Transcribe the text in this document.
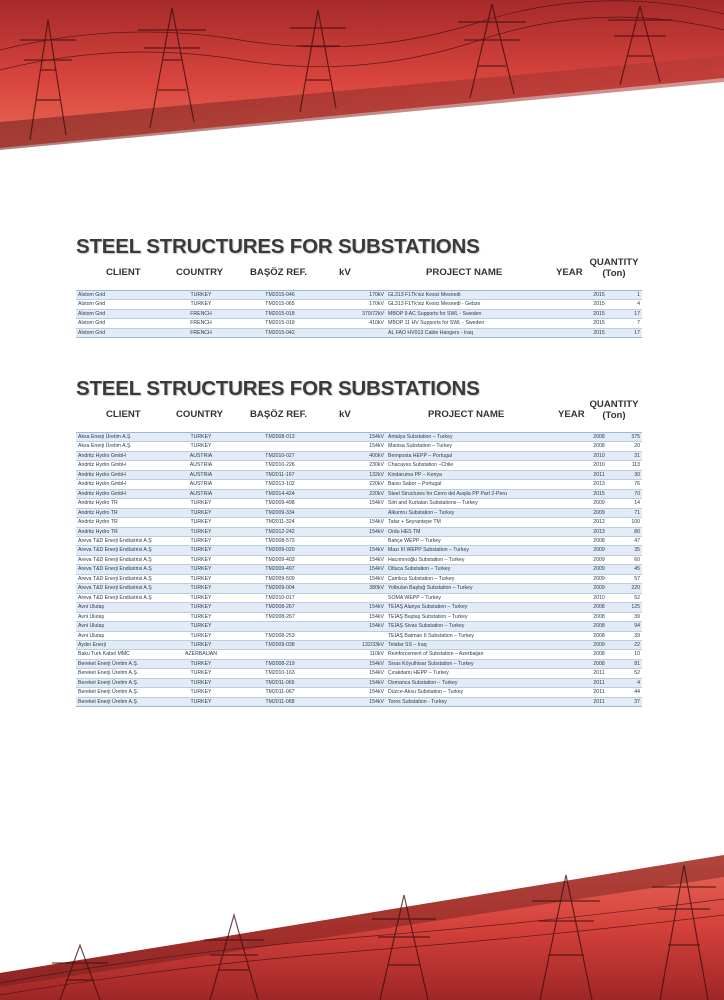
STEEL STRUCTURES FOR SUBSTATIONS
CLIENT	COUNTRY	BAŞÖZ REF.	kV	PROJECT NAME	YEAR
QUANTITY
(Ton)
Alstom Grid	TURKEY	TM2015-046	170kV	GL313 F1Tk'siz Kesici Mesnedi	2015	1
Alstom Grid	TURKEY	TM2015-065	170kV	GL313 F1Tk'siz Kesici Mesnedi - Gebze	2015	4
Alstom Grid	FRENCH	TM2015-018	370/72kV	MBOP 9 AC Supports for SWL - Sweden	2015	17
Alstom Grid	FRENCH	TM2015-019	410kV	MBOP 11 HV Supports for SWL - Sweden	2015	7
Alstom Grid	FRENCH	TM2015-042		AL FAO HV013 Cable Hangers - Iraq	2015	17
STEEL STRUCTURES FOR SUBSTATIONS
CLIENT	COUNTRY	BAŞÖZ REF.	kV	PROJECT NAME	YEAR
QUANTITY
(Ton)
Aksa Enerji Üretim A.Ş	TURKEY	TM2008-013	154kV	Antalya Substation – Turkey	2008	375
Aksa Enerji Üretim A.Ş	TURKEY		154kV	Manisa Substation – Turkey	2008	20
Andritz Hydro GmbH	AUSTRIA	TM2010-027	400kV	Bemposta HEPP – Portugal	2010	31
Andritz Hydro GmbH	AUSTRIA	TM2010-226	230kV	Chacayes Substation –Chile	2010	113
Andritz Hydro GmbH	AUSTRIA	TM2011-167	132kV	Kindaruma PP – Kenya	2011	30
Andritz Hydro GmbH	AUSTRIA	TM2013-102	220kV	Baixo Sabor – Portugal	2013	76
Andritz Hydro GmbH	AUSTRIA	TM2014-424	220kV	Steel Structures for Cerro del Auqila PP Part 2-Peru	2015	70
Andritz Hydro TR	TURKEY	TM2009-498	154kV	Siirt and Kurtalan Substations – Turkey	2009	14
Andritz Hydro TR	TURKEY	TM2009-334		Alkumru Substation – Turkey	2009	71
Andritz Hydro TR	TURKEY	TM2011-324	154kV	Tatar + Seyrantepe TM	2012	100
Andritz Hydro TR	TURKEY	TM2012-242	154kV	Ordu HES TM	2013	80
Areva T&D Enerji Endüstrisi A.Ş	TURKEY	TM2008-573		Bahçe WEPP – Turkey	2008	47
Areva T&D Enerji Endüstrisi A.Ş	TURKEY	TM2009-020	154kV	Mazı III WEPP Substation – Turkey	2009	35
Areva T&D Enerji Endüstrisi A.Ş	TURKEY	TM2009-403	154kV	Hacımınoğlu Substation – Turkey	2009	60
Areva T&D Enerji Endüstrisi A.Ş	TURKEY	TM2009-497	154kV	Otluca Substation – Turkey	2009	45
Areva T&D Enerji Endüstrisi A.Ş	TURKEY	TM2009-509	154kV	Çamlıca Substation – Turkey	2009	57
Areva T&D Enerji Endüstrisi A.Ş	TURKEY	TM2009-004	380kV	Yolbulan Baştuğ Substation – Turkey	2009	220
Areva T&D Enerji Endüstrisi A.Ş	TURKEY	TM2010-017		SOMA WEPP – Turkey	2010	52
Avni Ulutaş	TURKEY	TM2008-267	154kV	TEİAŞ Alanya Substation – Turkey	2008	125
Avni Ulutaş	TURKEY	TM2008-267	154kV	TEİAŞ Baştaş Substation – Turkey	2008	39
Avni Ulutaş	TURKEY		154kV	TEİAŞ Sivas Substation – Turkey	2008	94
Avni Ulutaş	TURKEY	TM2008-253		TEİAŞ Batman II Substation – Turkey	2008	39
Aydın Enerji	TURKEY	TM2009-038	132/33kV	Telafar SS – Iraq	2009	22
Baku Turk Kabel MMC	AZERBAIJAN		110kV	Reinforcement of Substation – Azerbaijan	2008	10
Bereket Enerji Üretim A.Ş.	TURKEY	TM2008-219	154kV	Sivas Köyulhisar Substation – Turkey	2008	81
Bereket Enerji Üretim A.Ş.	TURKEY	TM2010-163	154kV	Çırakdamı HEPP – Turkey	2011	52
Bereket Enerji Üretim A.Ş.	TURKEY	TM2011-065	154kV	Osmanca Substation – Turkey	2011	4
Bereket Enerji Üretim A.Ş.	TURKEY	TM2011-067	154kV	Düzce-Aksu Substation – Turkey	2011	44
Bereket Enerji Üretim A.Ş.	TURKEY	TM2011-068	154kV	Toros Substation - Turkey	2011	37
